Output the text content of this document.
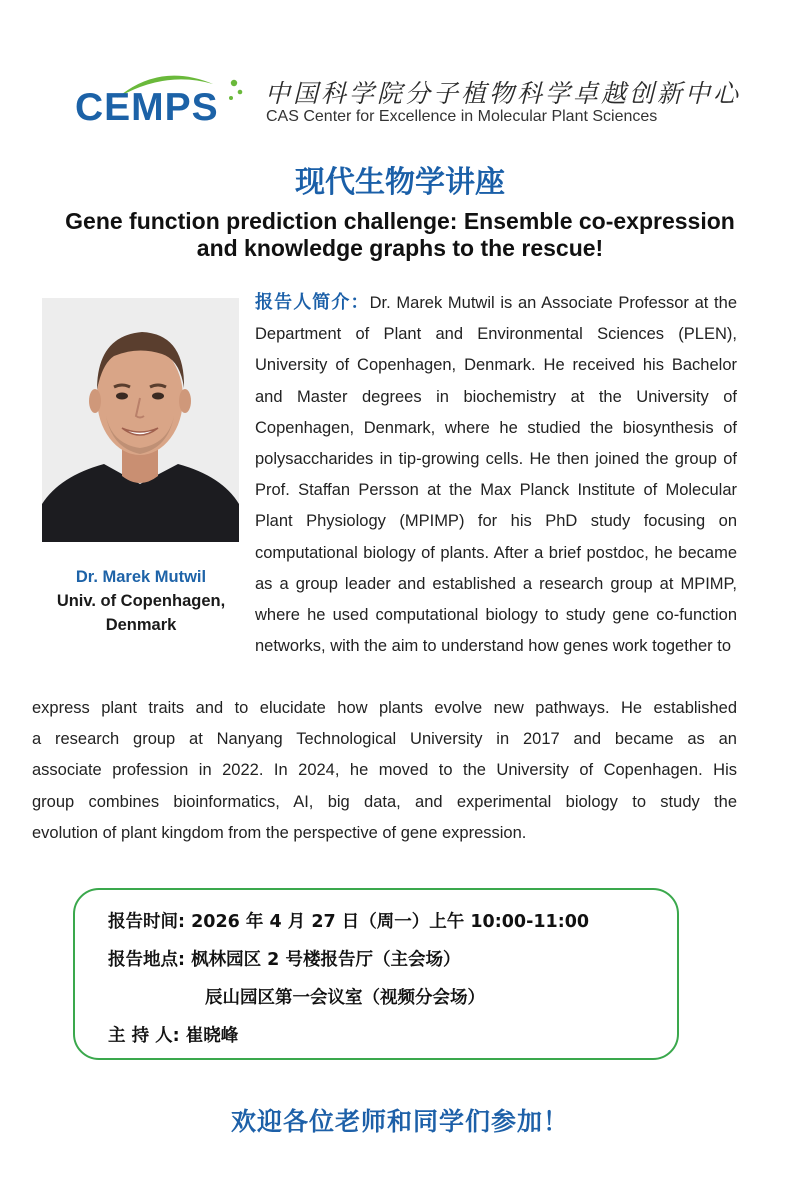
CEMPS	中国科学院分子植物科学卓越创新中心
CAS Center for Excellence in Molecular Plant Sciences
现代生物学讲座
Gene function prediction challenge: Ensemble co-expression and knowledge graphs to the rescue!
Dr. Marek Mutwil
Univ. of Copenhagen, Denmark

报告人简介：Dr. Marek Mutwil is an Associate Professor at the Department of Plant and Environmental Sciences (PLEN), University of Copenhagen, Denmark. He received his Bachelor and Master degrees in biochemistry at the University of Copenhagen, Denmark, where he studied the biosynthesis of polysaccharides in tip-growing cells. He then joined the group of Prof. Staffan Persson at the Max Planck Institute of Molecular Plant Physiology (MPIMP) for his PhD study focusing on computational biology of plants. After a brief postdoc, he became as a group leader and established a research group at MPIMP, where he used computational biology to study gene co-function networks, with the aim to understand how genes work together to

express plant traits and to elucidate how plants evolve new pathways. He established
a research group at Nanyang Technological University in 2017 and became as an
associate profession in 2022. In 2024, he moved to the University of Copenhagen. His
group combines bioinformatics, AI, big data, and experimental biology to study the
evolution of plant kingdom from the perspective of gene expression.
报告时间: 2026 年 4 月 27 日（周一）上午 10:00-11:00
报告地点: 枫林园区 2 号楼报告厅（主会场）
辰山园区第一会议室（视频分会场）
主 持 人: 崔晓峰
欢迎各位老师和同学们参加！
